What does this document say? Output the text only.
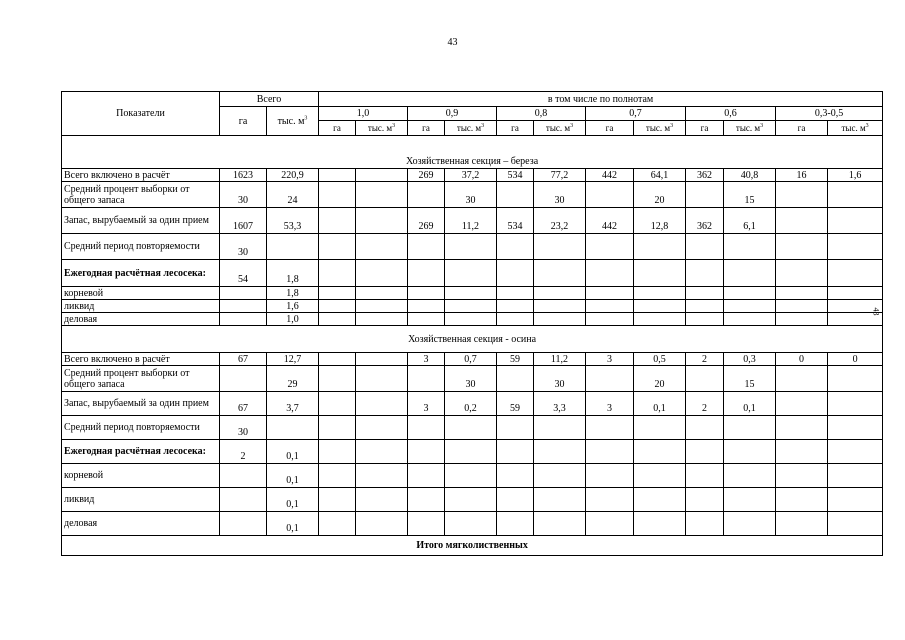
43
43
Показатели	Всего		в том числе по полнотам											
	га	тыс. $м^3$	1,0		0,9		0,8		0,7		0,6		0,3-0,5	
			га	тыс. $м^3$	га	тыс. $м^3$	га	тыс. $м^3$	га	тыс. $м^3$	га	тыс. $м^3$	га	тыс. $м^3$
Хозяйственная секция – береза														
Всего включено в расчёт	1623	220,9			269	37,2	534	77,2	442	64,1	362	40,8	16	1,6
Средний процент выборки от общего запаса	30	24				30		30		20		15		
Запас, вырубаемый за один прием	1607	53,3			269	11,2	534	23,2	442	12,8	362	6,1		
Средний период повторяемости	30													
Ежегодная расчётная лесосека:	54	1,8												
корневой		1,8												
ликвид		1,6												
деловая		1,0												
Хозяйственная секция - осина														
Всего включено в расчёт	67	12,7			3	0,7	59	11,2	3	0,5	2	0,3	0	0
Средний процент выборки от общего запаса		29				30		30		20		15		
Запас, вырубаемый за один прием	67	3,7			3	0,2	59	3,3	3	0,1	2	0,1		
Средний период повторяемости	30													
Ежегодная расчётная лесосека:	2	0,1												
корневой		0,1												
ликвид		0,1												
деловая		0,1												
Итого мягколиственных														
